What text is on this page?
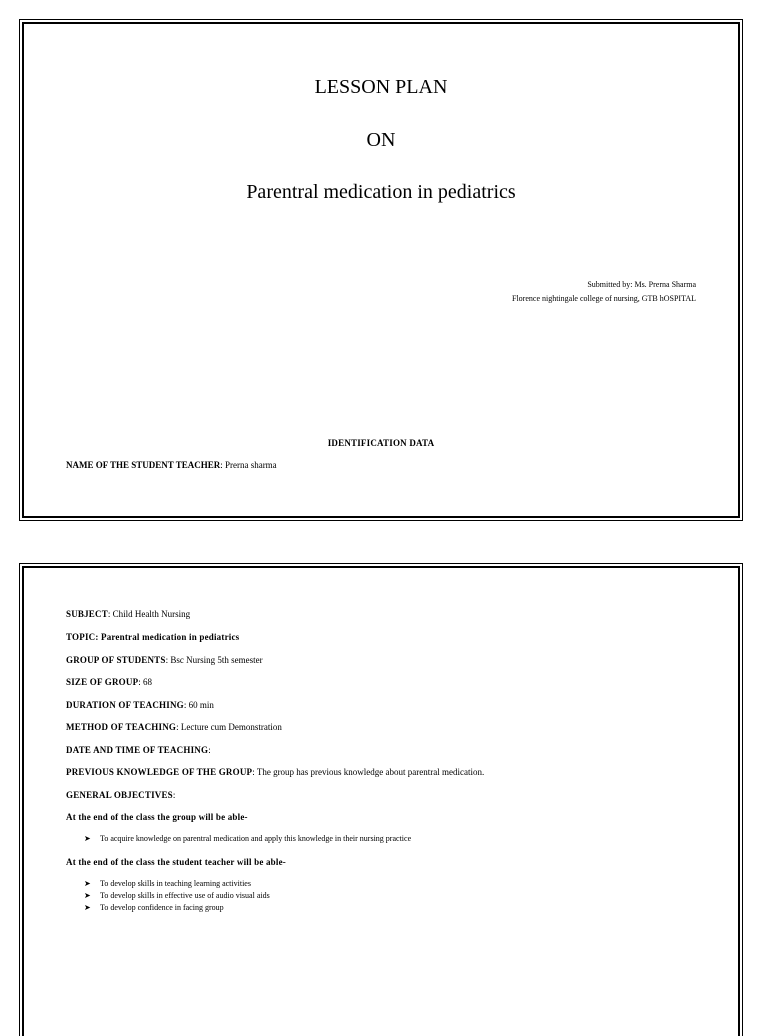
LESSON PLAN
ON
Parentral medication in pediatrics
Submitted by: Ms. Prerna Sharma
Florence nightingale college of nursing, GTB hOSPITAL
IDENTIFICATION DATA
NAME OF THE STUDENT TEACHER: Prerna sharma
SUBJECT: Child Health Nursing
TOPIC: Parentral medication in pediatrics
GROUP OF STUDENTS: Bsc Nursing 5th semester
SIZE OF GROUP: 68
DURATION OF TEACHING: 60 min
METHOD OF TEACHING: Lecture cum Demonstration
DATE AND TIME OF TEACHING:
PREVIOUS KNOWLEDGE OF THE GROUP: The group has previous knowledge about parentral medication.
GENERAL OBJECTIVES:
At the end of the class the group will be able-
➤ To acquire knowledge on parentral medication and apply this knowledge in their nursing practice
At the end of the class the student teacher will be able-
➤ To develop skills in teaching learning activities
➤ To develop skills in effective use of audio visual aids
➤ To develop confidence in facing group
